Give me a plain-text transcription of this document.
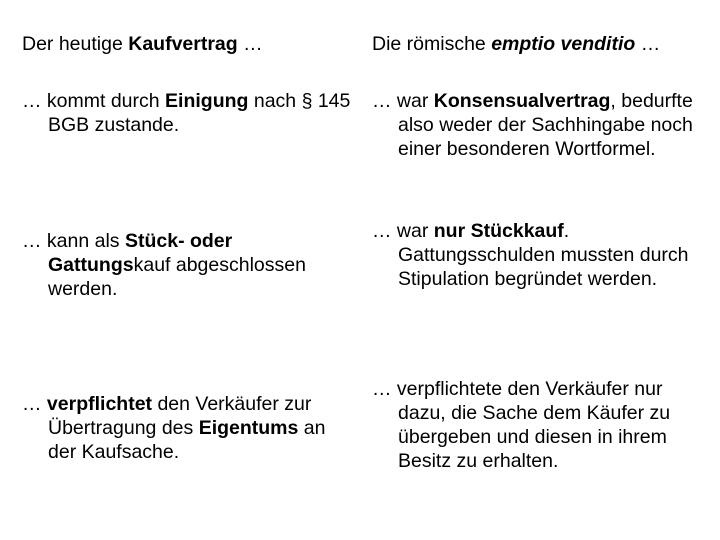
Der heutige Kaufvertrag …	Die römische emptio venditio …

… kommt durch Einigung nach § 145 BGB zustande.

… war Konsensualvertrag, bedurfte also weder der Sachhingabe noch einer besonderen Wortformel.

… kann als Stück- oder Gattungskauf abgeschlossen werden.

… war nur Stückkauf. Gattungsschulden mussten durch Stipulation begründet werden.

… verpflichtet den Verkäufer zur Übertragung des Eigentums an der Kaufsache.

… verpflichtete den Verkäufer nur dazu, die Sache dem Käufer zu übergeben und diesen in ihrem Besitz zu erhalten.
